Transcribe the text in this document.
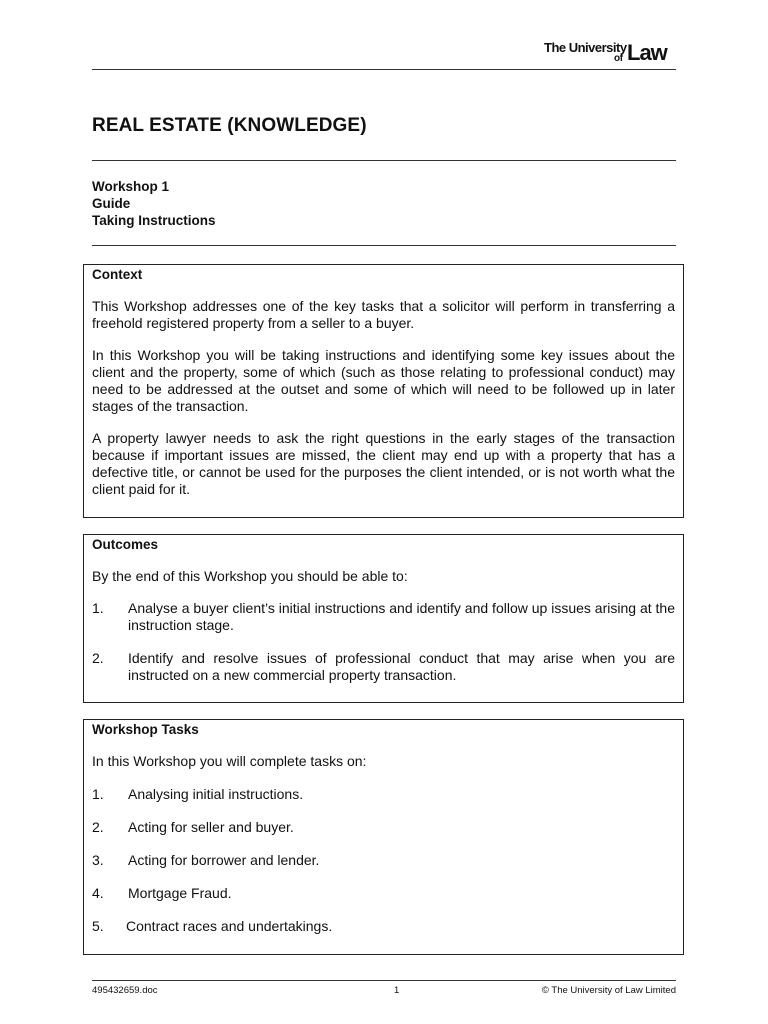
The University
of Law
REAL ESTATE (KNOWLEDGE)
Workshop 1
Guide
Taking Instructions
Context

This Workshop addresses one of the key tasks that a solicitor will perform in transferring a freehold registered property from a seller to a buyer.

In this Workshop you will be taking instructions and identifying some key issues about the client and the property, some of which (such as those relating to professional conduct) may need to be addressed at the outset and some of which will need to be followed up in later stages of the transaction.

A property lawyer needs to ask the right questions in the early stages of the transaction because if important issues are missed, the client may end up with a property that has a defective title, or cannot be used for the purposes the client intended, or is not worth what the client paid for it.

Outcomes

By the end of this Workshop you should be able to:

1. Analyse a buyer client’s initial instructions and identify and follow up issues arising at the instruction stage.
2. Identify and resolve issues of professional conduct that may arise when you are instructed on a new commercial property transaction.
Workshop Tasks

In this Workshop you will complete tasks on:

1. Analysing initial instructions.
2. Acting for seller and buyer.
3. Acting for borrower and lender.
4. Mortgage Fraud.
5. Contract races and undertakings.
495432659.doc	1	© The University of Law Limited
